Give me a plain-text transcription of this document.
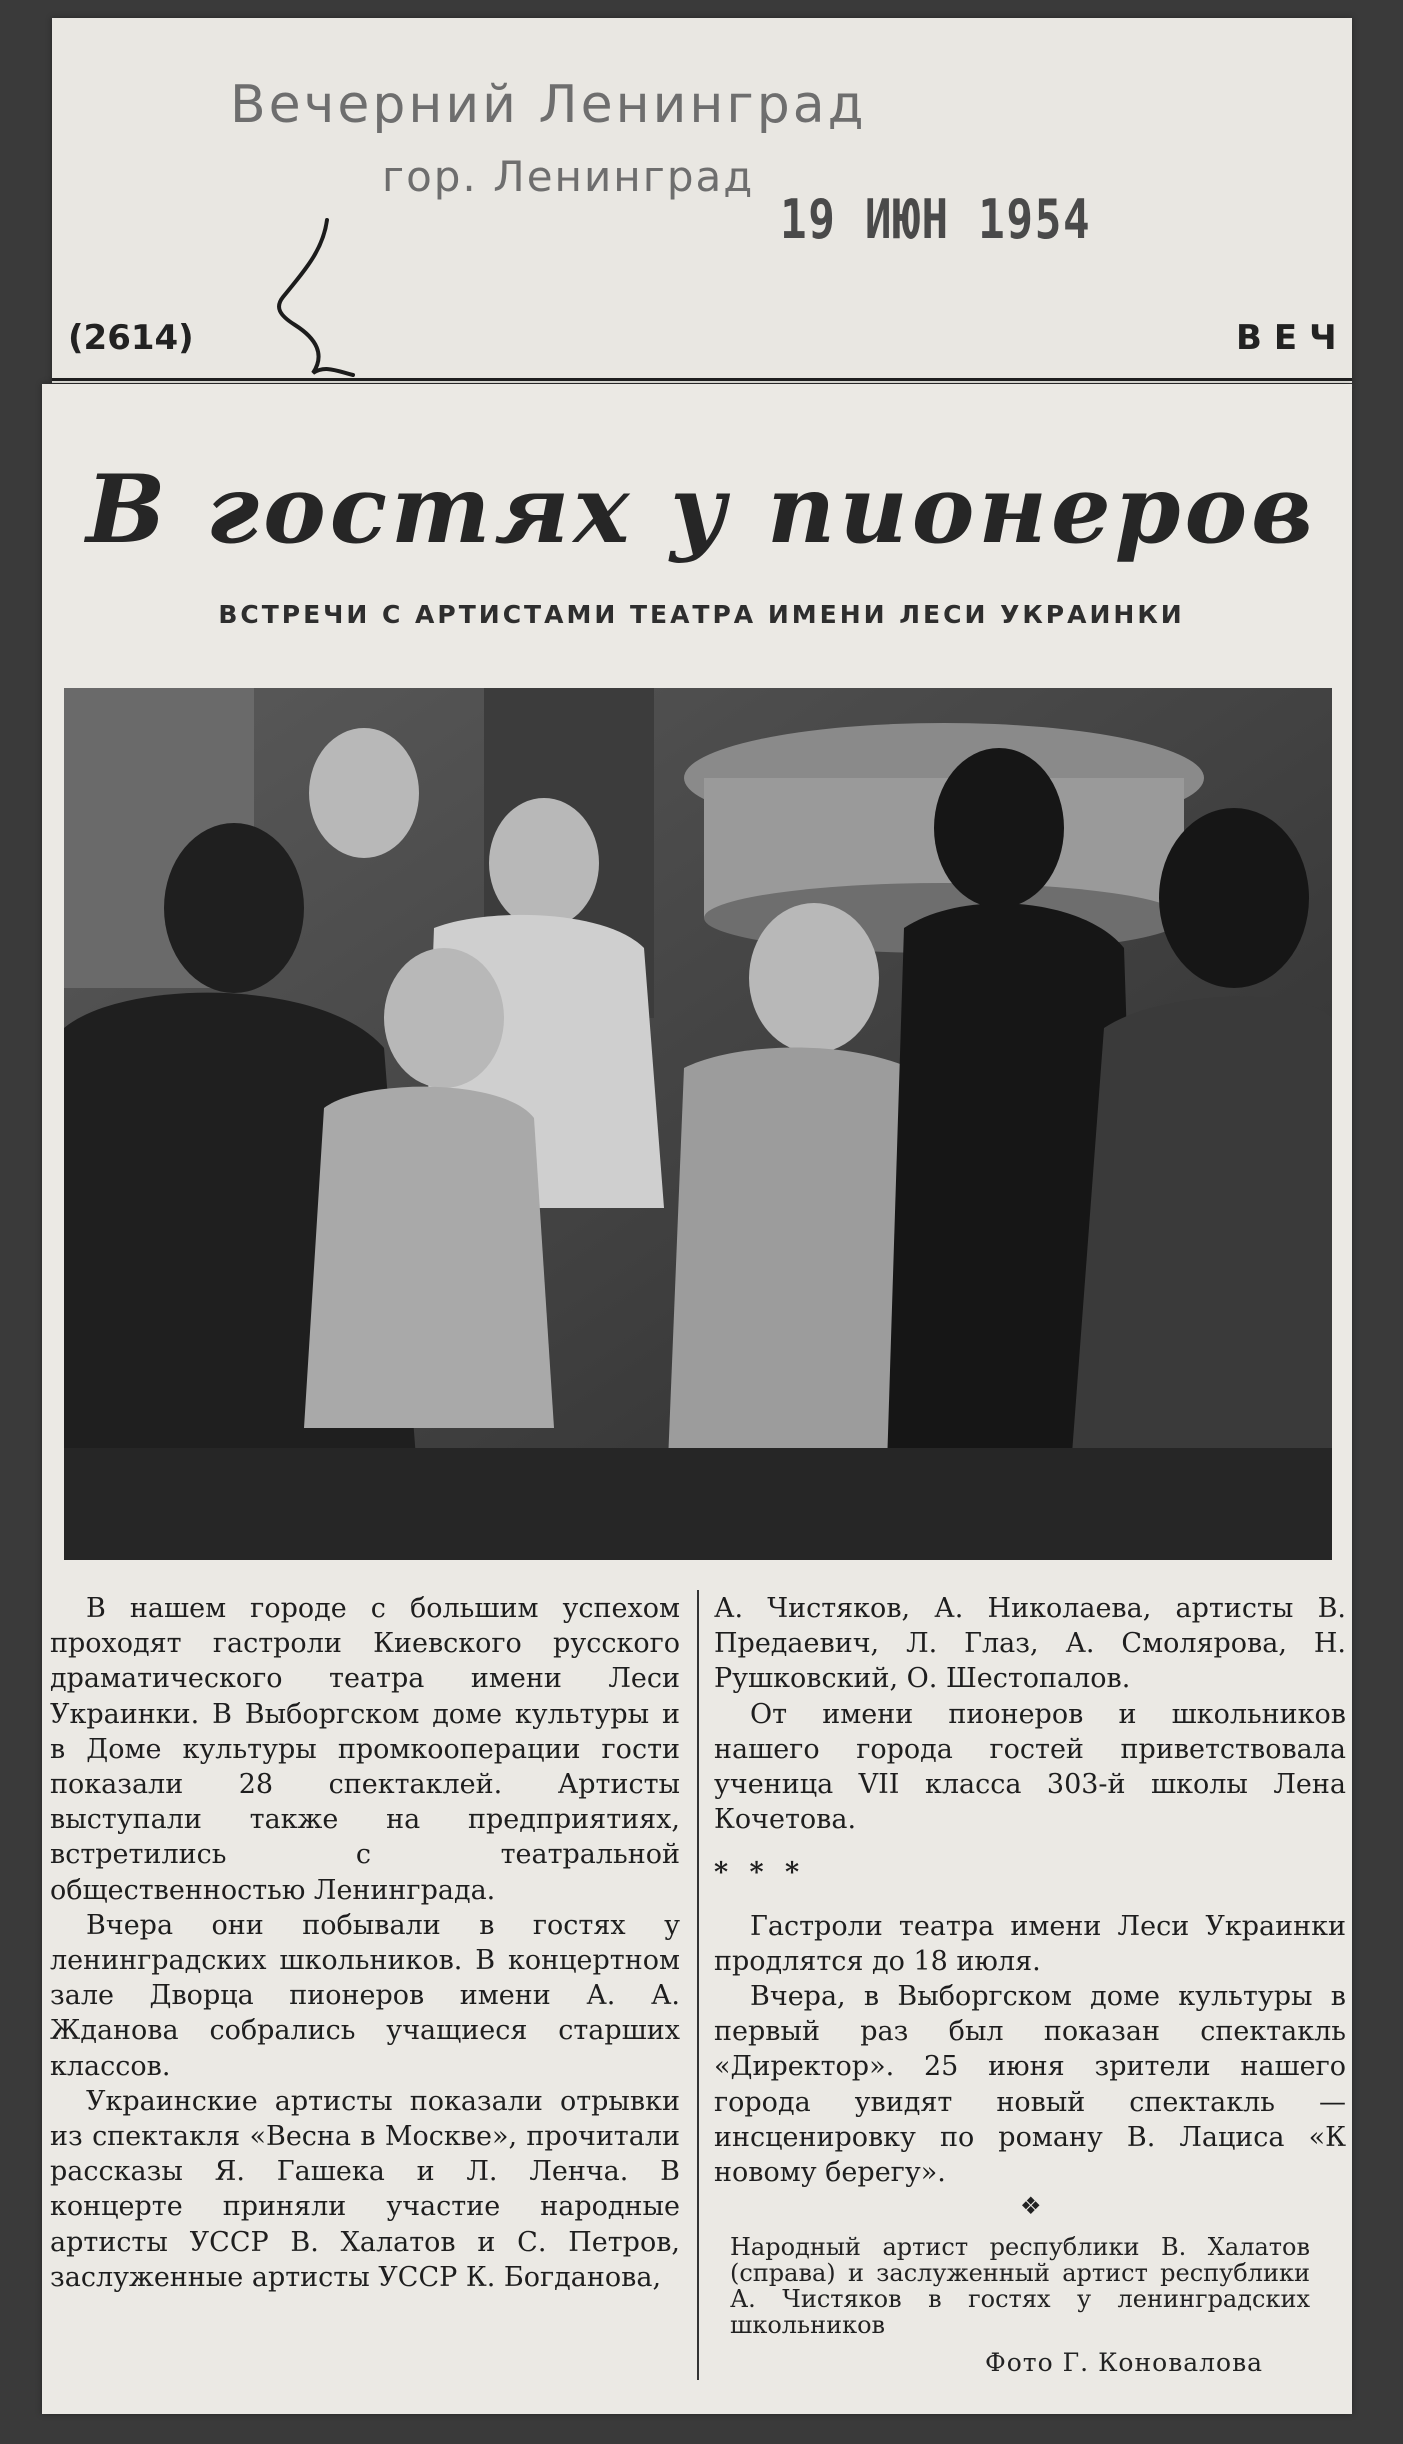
Вечерний Ленинград
гор. Ленинград
19 ИЮН 1954
(2614)	ВЕЧ
В гостях у пионеров
ВСТРЕЧИ С АРТИСТАМИ ТЕАТРА ИМЕНИ ЛЕСИ УКРАИНКИ

В нашем городе с большим успехом проходят гастроли Киевского русского драматического театра имени Леси Украинки. В Выборгском доме культуры и в Доме культуры промкооперации гости показали 28 спектаклей. Артисты выступали также на предприятиях, встретились с театральной общественностью Ленинграда.

Вчера они побывали в гостях у ленинградских школьников. В концертном зале Дворца пионеров имени А. А. Жданова собрались учащиеся старших классов.

Украинские артисты показали отрывки из спектакля «Весна в Москве», прочитали рассказы Я. Гашека и Л. Ленча. В концерте приняли участие народные артисты УССР В. Халатов и С. Петров, заслуженные артисты УССР К. Богданова,

А. Чистяков, А. Николаева, артисты В. Предаевич, Л. Глаз, А. Смолярова, Н. Рушковский, О. Шестопалов.

От имени пионеров и школьников нашего города гостей приветствовала ученица VII класса 303-й школы Лена Кочетова.

* * *

Гастроли театра имени Леси Украинки продлятся до 18 июля.

Вчера, в Выборгском доме культуры в первый раз был показан спектакль «Директор». 25 июня зрители нашего города увидят новый спектакль — инсценировку по роману В. Лациса «К новому берегу».

❖
Народный артист республики В. Халатов (справа) и заслуженный артист республики А. Чистяков в гостях у ленинградских школьников
Фото Г. Коновалова
